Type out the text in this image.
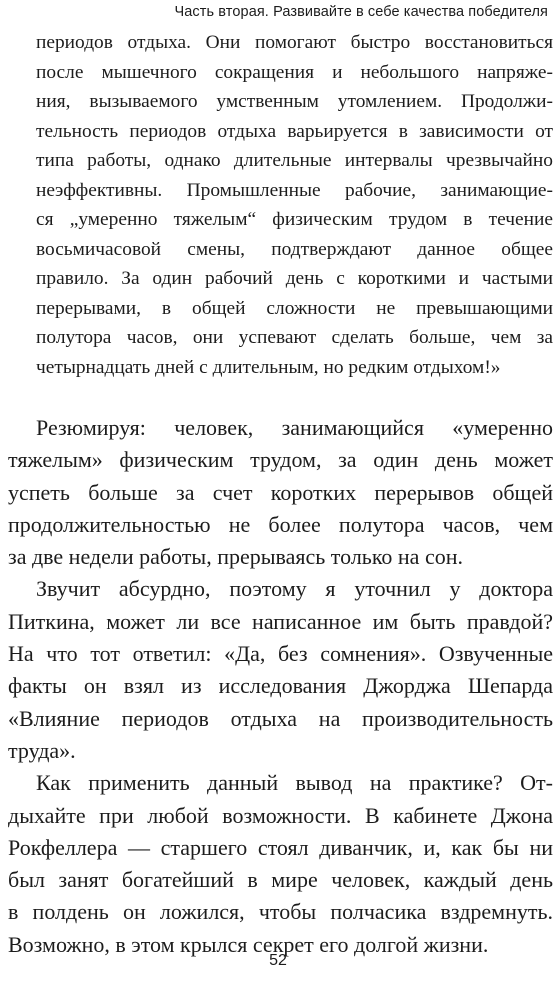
Часть вторая. Развивайте в себе качества победителя
периодов отдыха. Они помогают быстро восстановиться
после мышечного сокращения и небольшого напряже-
ния, вызываемого умственным утомлением. Продолжи-
тельность периодов отдыха варьируется в зависимости от
типа работы, однако длительные интервалы чрезвычайно
неэффективны. Промышленные рабочие, занимающие-
ся „умеренно тяжелым“ физическим трудом в течение
восьмичасовой смены, подтверждают данное общее
правило. За один рабочий день с короткими и частыми
перерывами, в общей сложности не превышающими
полутора часов, они успевают сделать больше, чем за
четырнадцать дней с длительным, но редким отдыхом!»
Резюмируя: человек, занимающийся «умеренно
тяжелым» физическим трудом, за один день может
успеть больше за счет коротких перерывов общей
продолжительностью не более полутора часов, чем
за две недели работы, прерываясь только на сон.
Звучит абсурдно, поэтому я уточнил у доктора
Питкина, может ли все написанное им быть правдой?
На что тот ответил: «Да, без сомнения». Озвученные
факты он взял из исследования Джорджа Шепарда
«Влияние периодов отдыха на производительность
труда».
Как применить данный вывод на практике? От-
дыхайте при любой возможности. В кабинете Джона
Рокфеллера — старшего стоял диванчик, и, как бы ни
был занят богатейший в мире человек, каждый день
в полдень он ложился, чтобы полчасика вздремнуть.
Возможно, в этом крылся секрет его долгой жизни.
52
